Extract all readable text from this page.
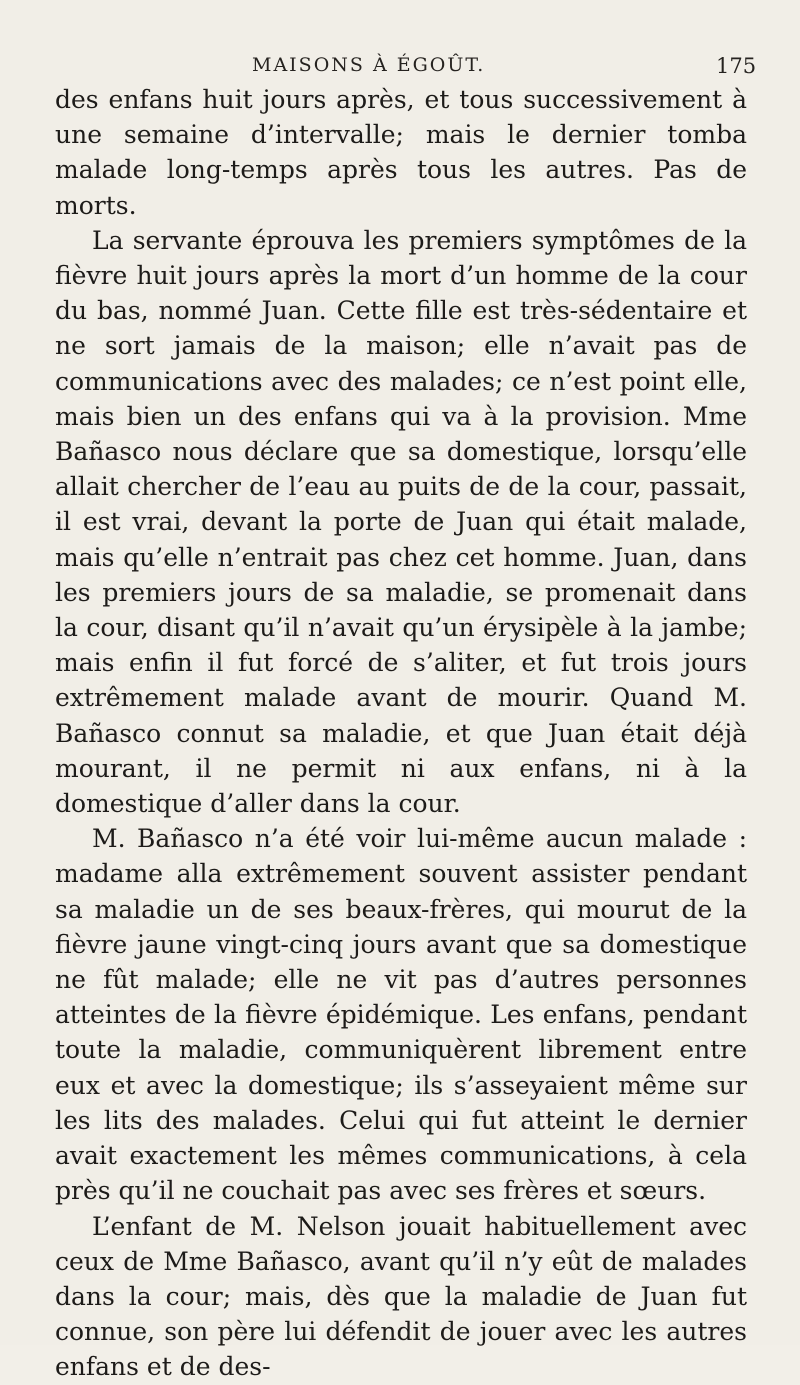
MAISONS À ÉGOÛT.	175

des enfans huit jours après, et tous successivement à une semaine d’intervalle; mais le dernier tomba malade long-temps après tous les autres. Pas de morts.

La servante éprouva les premiers symptômes de la fièvre huit jours après la mort d’un homme de la cour du bas, nommé Juan. Cette fille est très-sédentaire et ne sort jamais de la maison; elle n’avait pas de communications avec des malades; ce n’est point elle, mais bien un des enfans qui va à la provision. Mme Bañasco nous déclare que sa domestique, lorsqu’elle allait chercher de l’eau au puits de de la cour, passait, il est vrai, devant la porte de Juan qui était malade, mais qu’elle n’entrait pas chez cet homme. Juan, dans les premiers jours de sa maladie, se promenait dans la cour, disant qu’il n’avait qu’un érysipèle à la jambe; mais enfin il fut forcé de s’aliter, et fut trois jours extrêmement malade avant de mourir. Quand M. Bañasco connut sa maladie, et que Juan était déjà mourant, il ne permit ni aux enfans, ni à la domestique d’aller dans la cour.

M. Bañasco n’a été voir lui-même aucun malade : madame alla extrêmement souvent assister pendant sa maladie un de ses beaux-frères, qui mourut de la fièvre jaune vingt-cinq jours avant que sa domestique ne fût malade; elle ne vit pas d’autres personnes atteintes de la fièvre épidémique. Les enfans, pendant toute la maladie, communiquèrent librement entre eux et avec la domestique; ils s’asseyaient même sur les lits des malades. Celui qui fut atteint le dernier avait exactement les mêmes communications, à cela près qu’il ne couchait pas avec ses frères et sœurs.

L’enfant de M. Nelson jouait habituellement avec ceux de Mme Bañasco, avant qu’il n’y eût de malades dans la cour; mais, dès que la maladie de Juan fut connue, son père lui défendit de jouer avec les autres enfans et de des-
